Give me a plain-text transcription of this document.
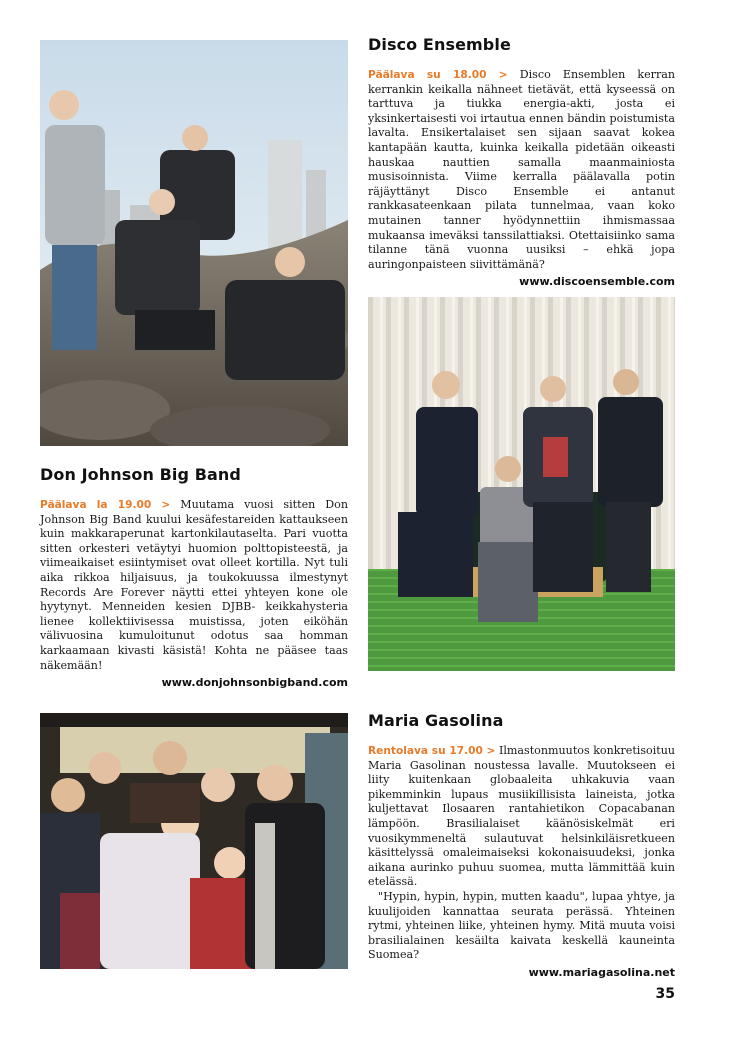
Disco Ensemble

Päälava su 18.00 > Disco Ensemblen kerran kerrankin keikalla nähneet tietävät, että kyseessä on tarttuva ja tiukka energia-akti, josta ei yksinkertaisesti voi irtautua ennen bändin poistumista lavalta. Ensikertalaiset sen sijaan saavat kokea kantapään kautta, kuinka keikalla pidetään oikeasti hauskaa nauttien samalla maanmainiosta musisoinnista. Viime kerralla päälavalla potin räjäyttänyt Disco Ensemble ei antanut rankkasateenkaan pilata tunnelmaa, vaan koko mutainen tanner hyödynnettiin ihmismassaa mukaansa imeväksi tanssilattiaksi. Otettaisiinko sama tilanne tänä vuonna uusiksi – ehkä jopa auringonpaisteen siivittämänä?

www.discoensemble.com
Don Johnson Big Band

Päälava la 19.00 > Muutama vuosi sitten Don Johnson Big Band kuului kesäfestareiden kattaukseen kuin makkaraperunat kartonkilautaselta. Pari vuotta sitten orkesteri vetäytyi huomion polttopisteestä, ja viimeaikaiset esiintymiset ovat olleet kortilla. Nyt tuli aika rikkoa hiljaisuus, ja toukokuussa ilmestynyt Records Are Forever näytti ettei yhteyen kone ole hyytynyt. Menneiden kesien DJBB- keikkahysteria lienee kollektiivisessa muistissa, joten eiköhän välivuosina kumuloitunut odotus saa homman karkaamaan kivasti käsistä! Kohta ne pääsee taas näkemään!

www.donjohnsonbigband.com
Maria Gasolina

Rentolava su 17.00 > Ilmastonmuutos konkretisoituu Maria Gasolinan noustessa lavalle. Muutokseen ei liity kuitenkaan globaaleita uhkakuvia vaan pikemminkin lupaus musiikillisista laineista, jotka kuljettavat Ilosaaren rantahietikon Copacabanan lämpöön. Brasilialaiset käänösiskelmät eri vuosikymmeneltä sulautuvat helsinkiläisretkueen käsittelyssä omaleimaiseksi kokonaisuudeksi, jonka aikana aurinko puhuu suomea, mutta lämmittää kuin etelässä.

"Hypin, hypin, hypin, mutten kaadu", lupaa yhtye, ja kuulijoiden kannattaa seurata perässä. Yhteinen rytmi, yhteinen liike, yhteinen hymy. Mitä muuta voisi brasilialainen kesäilta kaivata keskellä kauneinta Suomea?

www.mariagasolina.net
35
